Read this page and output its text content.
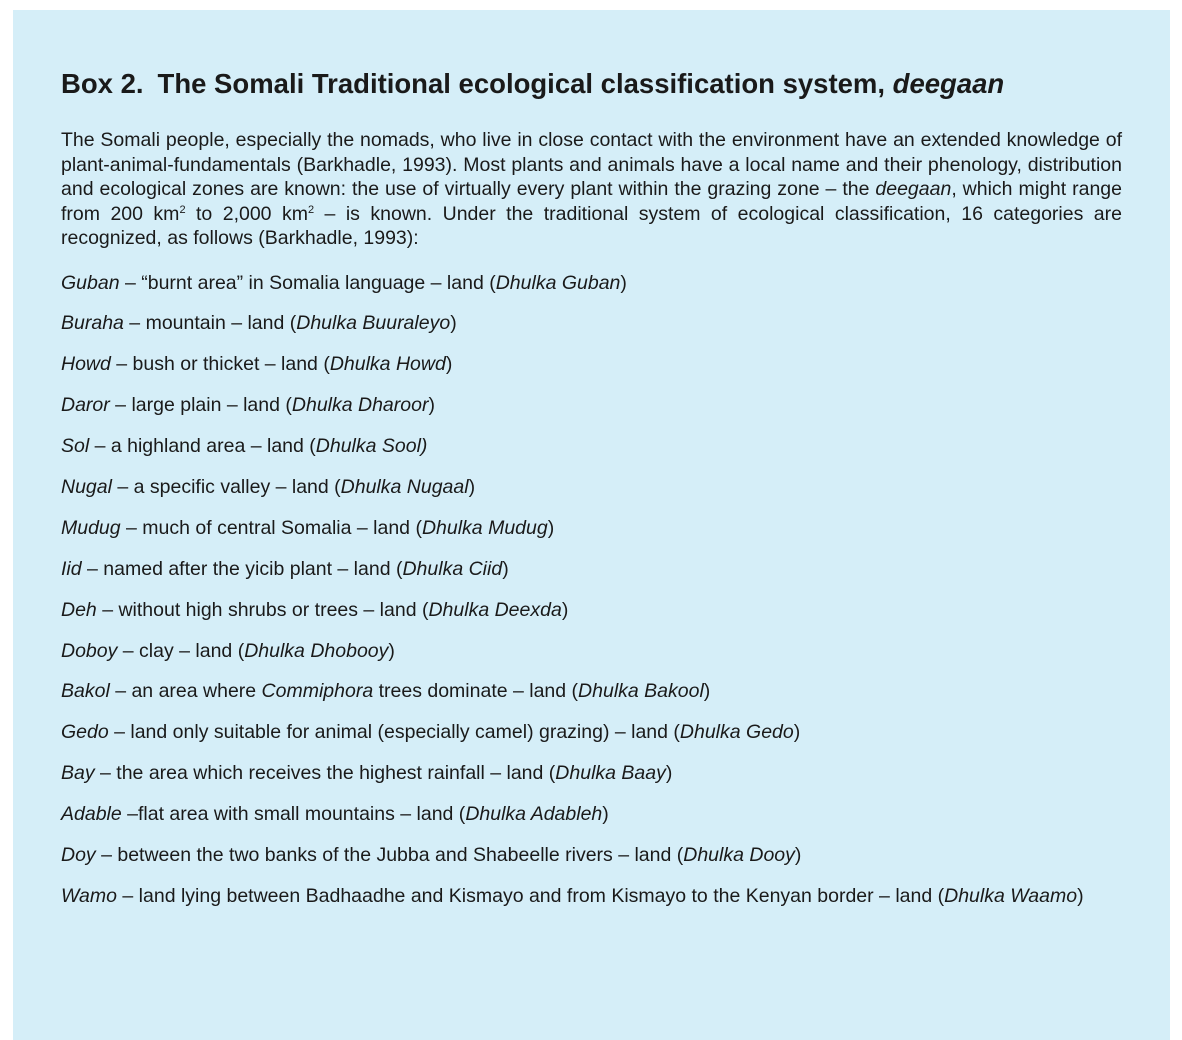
Box 2. The Somali Traditional ecological classification system, deegaan

The Somali people, especially the nomads, who live in close contact with the environment have an extended knowledge of plant-animal-fundamentals (Barkhadle, 1993). Most plants and animals have a local name and their phenology, distribution and ecological zones are known: the use of virtually every plant within the grazing zone – the deegaan, which might range from 200 $km^2$ to 2,000 $km^2$ – is known. Under the traditional system of ecological classification, 16 categories are recognized, as follows (Barkhadle, 1993):

Guban – “burnt area” in Somalia language – land (Dhulka Guban)
Buraha – mountain – land (Dhulka Buuraleyo)
Howd – bush or thicket – land (Dhulka Howd)
Daror – large plain – land (Dhulka Dharoor)
Sol – a highland area – land (Dhulka Sool)
Nugal – a specific valley – land (Dhulka Nugaal)
Mudug – much of central Somalia – land (Dhulka Mudug)
Iid – named after the yicib plant – land (Dhulka Ciid)
Deh – without high shrubs or trees – land (Dhulka Deexda)
Doboy – clay – land (Dhulka Dhobooy)
Bakol – an area where Commiphora trees dominate – land (Dhulka Bakool)
Gedo – land only suitable for animal (especially camel) grazing) – land (Dhulka Gedo)
Bay – the area which receives the highest rainfall – land (Dhulka Baay)
Adable –flat area with small mountains – land (Dhulka Adableh)
Doy – between the two banks of the Jubba and Shabeelle rivers – land (Dhulka Dooy)
Wamo – land lying between Badhaadhe and Kismayo and from Kismayo to the Kenyan border – land (Dhulka Waamo)
